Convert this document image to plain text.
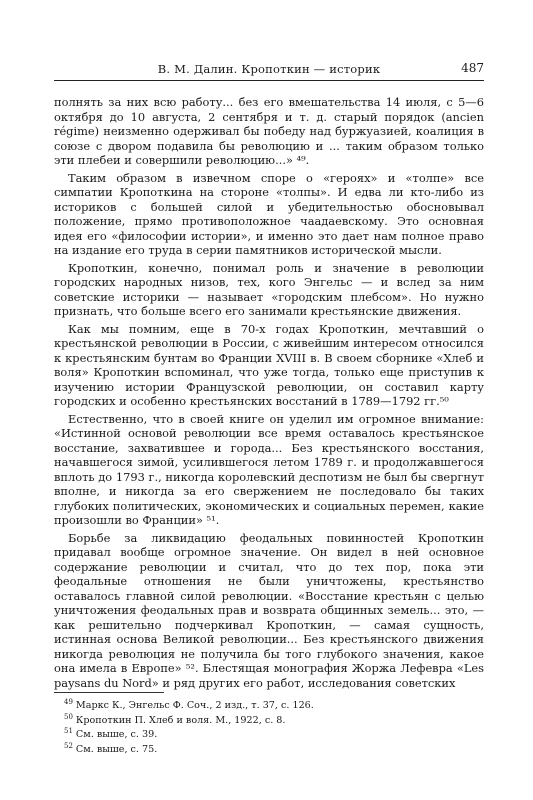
В. М. Далин. Кропоткин — историк	487

полнять за них всю работу... без его вмешательства 14 июля, с 5—6 октября до 10 августа, 2 сентября и т. д. старый порядок (ancien régime) неизменно одерживал бы победу над буржуазией, коалиция в союзе с двором подавила бы революцию и ... таким образом только эти плебеи и совершили революцию...» ⁴⁹.

Таким образом в извечном споре о «героях» и «толпе» все симпатии Кропоткина на стороне «толпы». И едва ли кто-либо из историков с большей силой и убедительностью обосновывал положение, прямо противоположное чаадаевскому. Это основная идея его «философии истории», и именно это дает нам полное право на издание его труда в серии памятников исторической мысли.

Кропоткин, конечно, понимал роль и значение в революции городских народных низов, тех, кого Энгельс — и вслед за ним советские историки — называет «городским плебсом». Но нужно признать, что больше всего его занимали крестьянские движения.

Как мы помним, еще в 70-х годах Кропоткин, мечтавший о крестьянской революции в России, с живейшим интересом относился к крестьянским бунтам во Франции XVIII в. В своем сборнике «Хлеб и воля» Кропоткин вспоминал, что уже тогда, только еще приступив к изучению истории Французской революции, он составил карту городских и особенно крестьянских восстаний в 1789—1792 гг.⁵⁰

Естественно, что в своей книге он уделил им огромное внимание: «Истинной основой революции все время оставалось крестьянское восстание, захватившее и города... Без крестьянского восстания, начавшегося зимой, усилившегося летом 1789 г. и продолжавшегося вплоть до 1793 г., никогда королевский деспотизм не был бы свергнут вполне, и никогда за его свержением не последовало бы таких глубоких политических, экономических и социальных перемен, какие произошли во Франции» ⁵¹.

Борьбе за ликвидацию феодальных повинностей Кропоткин придавал вообще огромное значение. Он видел в ней основное содержание революции и считал, что до тех пор, пока эти феодальные отношения не были уничтожены, крестьянство оставалось главной силой революции. «Восстание крестьян с целью уничтожения феодальных прав и возврата общинных земель... это, — как решительно подчеркивал Кропоткин, — самая сущность, истинная основа Великой революции... Без крестьянского движения никогда революция не получила бы того глубокого значения, какое она имела в Европе» ⁵². Блестящая монография Жоржа Лефевра «Les paysans du Nord» и ряд других его работ, исследования советских

$^{49}$ Маркс К., Энгельс Ф. Соч., 2 изд., т. 37, с. 126.

$^{50}$ Кропоткин П. Хлеб и воля. М., 1922, с. 8.

$^{51}$ См. выше, с. 39.

$^{52}$ См. выше, с. 75.
